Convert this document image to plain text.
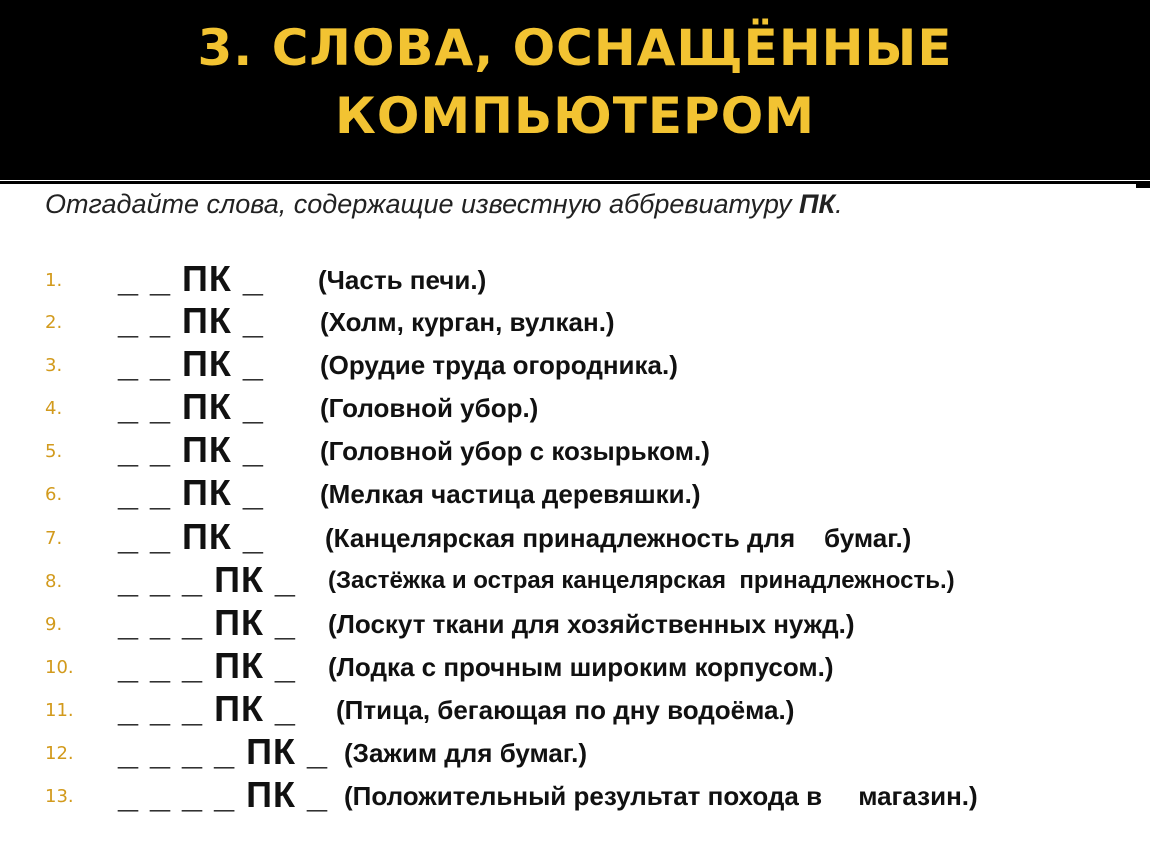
3. СЛОВА, ОСНАЩЁННЫЕ
КОМПЬЮТЕРОМ
Отгадайте слова, содержащие известную аббревиатуру ПК.
1. _ _ ПК _ (Часть печи.)
2. _ _ ПК _ (Холм, курган, вулкан.)
3. _ _ ПК _ (Орудие труда огородника.)
4. _ _ ПК _ (Головной убор.)
5. _ _ ПК _ (Головной убор с козырьком.)
6. _ _ ПК _ (Мелкая частица деревяшки.)
7. _ _ ПК _ (Канцелярская принадлежность для    бумаг.)
8. _ _ _ ПК _ (Застёжка и острая канцелярская  принадлежность.)
9. _ _ _ ПК _ (Лоскут ткани для хозяйственных нужд.)
10. _ _ _ ПК _ (Лодка с прочным широким корпусом.)
11. _ _ _ ПК _ (Птица, бегающая по дну водоёма.)
12. _ _ _ _ ПК _ (Зажим для бумаг.)
13. _ _ _ _ ПК _ (Положительный результат похода в     магазин.)
